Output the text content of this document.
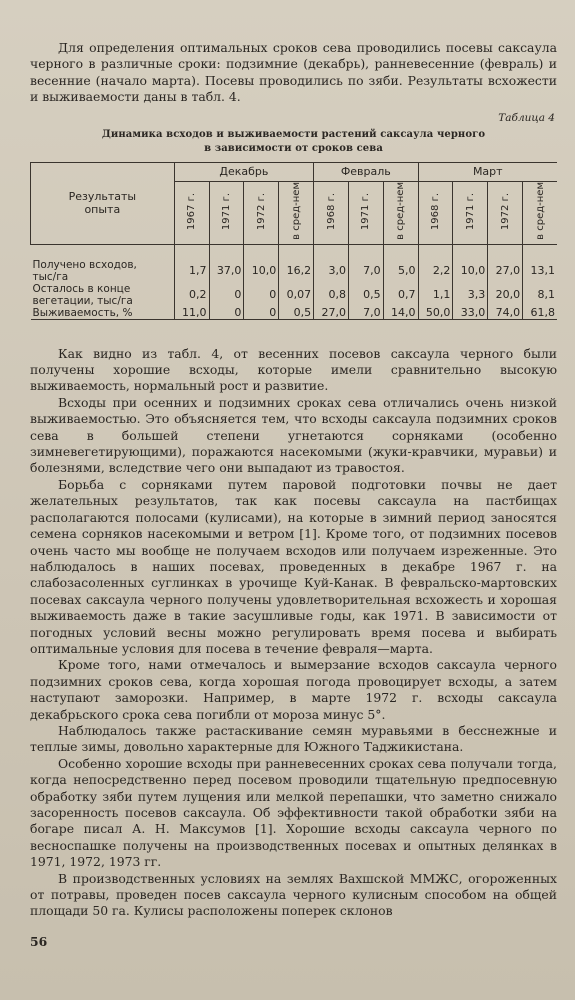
Для определения оптимальных сроков сева проводились посевы саксаула черного в различные сроки: подзимние (декабрь), ранневесенние (февраль) и весенние (начало марта). Посевы проводились по зяби. Результаты всхожести и выживаемости даны в табл. 4.

Таблица 4
Динамика всходов и выживаемости растений саксаула черного
в зависимости от сроков сева
Результаты
опыта	Декабрь				Февраль			Март			
	1967 г.	1971 г.	1972 г.	в сред-нем	1968 г.	1971 г.	в сред-нем	1968 г.	1971 г.	1972 г.	в сред-нем

Получено всходов,
тыс/га	1,7	37,0	10,0	16,2	3,0	7,0	5,0	2,2	10,0	27,0	13,1
Осталось в конце
вегетации, тыс/га	0,2	0	0	0,07	0,8	0,5	0,7	1,1	3,3	20,0	8,1
Выживаемость, %	11,0	0	0	0,5	27,0	7,0	14,0	50,0	33,0	74,0	61,8

Как видно из табл. 4, от весенних посевов саксаула черного были получены хорошие всходы, которые имели сравнительно высокую выживаемость, нормальный рост и развитие.

Всходы при осенних и подзимних сроках сева отличались очень низкой выживаемостью. Это объясняется тем, что всходы саксаула подзимних сроков сева в большей степени угнетаются сорняками (особенно зимневегетирующими), поражаются насекомыми (жуки-кравчики, муравьи) и болезнями, вследствие чего они выпадают из травостоя.

Борьба с сорняками путем паровой подготовки почвы не дает желательных результатов, так как посевы саксаула на пастбищах располагаются полосами (кулисами), на которые в зимний период заносятся семена сорняков насекомыми и ветром [1]. Кроме того, от подзимних посевов очень часто мы вообще не получаем всходов или получаем изреженные. Это наблюдалось в наших посевах, проведенных в декабре 1967 г. на слабозасоленных суглинках в урочище Куй-Канак. В февральско-мартовских посевах саксаула черного получены удовлетворительная всхожесть и хорошая выживаемость даже в такие засушливые годы, как 1971. В зависимости от погодных условий весны можно регулировать время посева и выбирать оптимальные условия для посева в течение февраля—марта.

Кроме того, нами отмечалось и вымерзание всходов саксаула черного подзимних сроков сева, когда хорошая погода провоцирует всходы, а затем наступают заморозки. Например, в марте 1972 г. всходы саксаула декабрьского срока сева погибли от мороза минус 5°.

Наблюдалось также растаскивание семян муравьями в бесснежные и теплые зимы, довольно характерные для Южного Таджикистана.

Особенно хорошие всходы при ранневесенних сроках сева получали тогда, когда непосредственно перед посевом проводили тщательную предпосевную обработку зяби путем лущения или мелкой перепашки, что заметно снижало засоренность посевов саксаула. Об эффективности такой обработки зяби на богаре писал А. Н. Максумов [1]. Хорошие всходы саксаула черного по весноспашке получены на производственных посевах и опытных делянках в 1971, 1972, 1973 гг.

В производственных условиях на землях Вахшской ММЖС, огороженных от потравы, проведен посев саксаула черного кулисным способом на общей площади 50 га. Кулисы расположены поперек склонов

56
